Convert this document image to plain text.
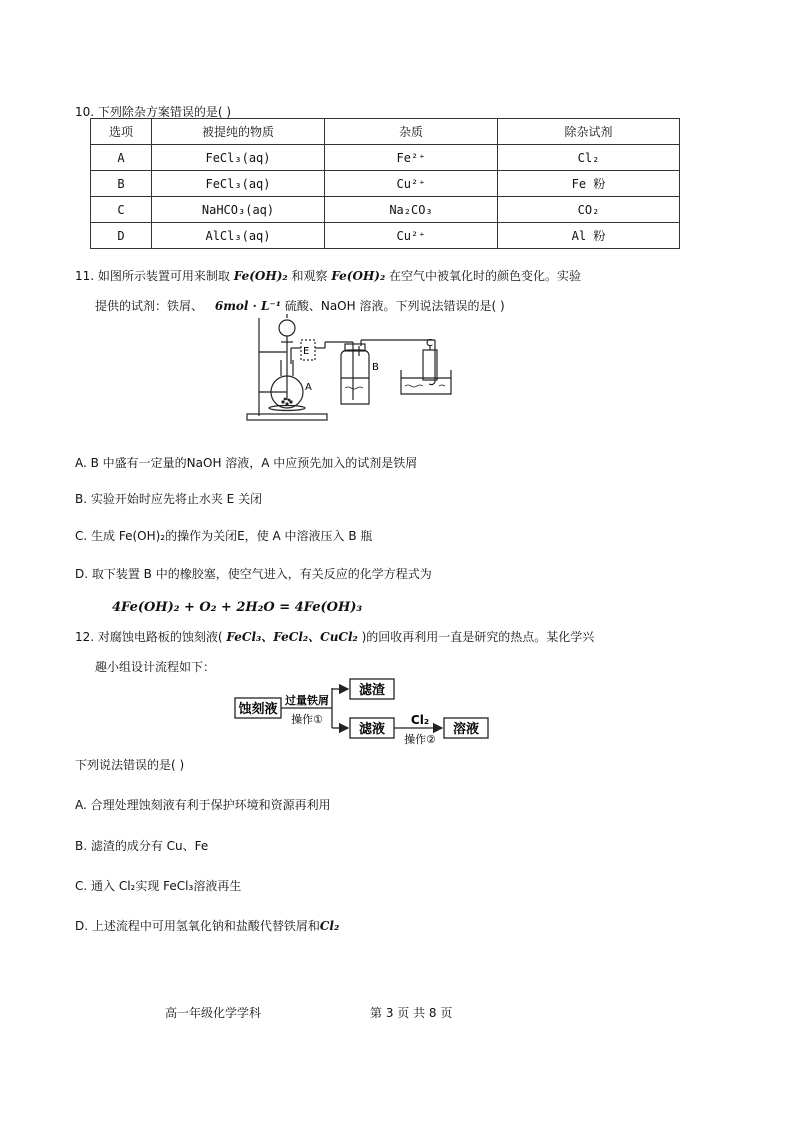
10. 下列除杂方案错误的是( )
选项	被提纯的物质	杂质	除杂试剂
A	FeCl₃(aq)	Fe²⁺	Cl₂
B	FeCl₃(aq)	Cu²⁺	Fe 粉
C	NaHCO₃(aq)	Na₂CO₃	CO₂
D	AlCl₃(aq)	Cu²⁺	Al 粉
11. 如图所示装置可用来制取 Fe(OH)₂ 和观察 Fe(OH)₂ 在空气中被氧化时的颜色变化。实验
提供的试剂：铁屑、 6mol · L⁻¹ 硫酸、NaOH 溶液。下列说法错误的是( )
E
A
B
C
A. B 中盛有一定量的NaOH 溶液，A 中应预先加入的试剂是铁屑
B. 实验开始时应先将止水夹 E 关闭
C. 生成 Fe(OH)₂的操作为关闭E，使 A 中溶液压入 B 瓶
D. 取下装置 B 中的橡胶塞，使空气进入，有关反应的化学方程式为
4Fe(OH)₂ + O₂ + 2H₂O = 4Fe(OH)₃
12. 对腐蚀电路板的蚀刻液( FeCl₃、FeCl₂、CuCl₂ )的回收再利用一直是研究的热点。某化学兴
趣小组设计流程如下：
蚀刻液
过量铁屑
操作①
滤渣
滤液
Cl₂
操作②
溶液
下列说法错误的是( )
A. 合理处理蚀刻液有利于保护环境和资源再利用
B. 滤渣的成分有 Cu、Fe
C. 通入 Cl₂实现 FeCl₃溶液再生
D. 上述流程中可用氢氧化钠和盐酸代替铁屑和Cl₂
高一年级化学学科	第 3 页 共 8 页
